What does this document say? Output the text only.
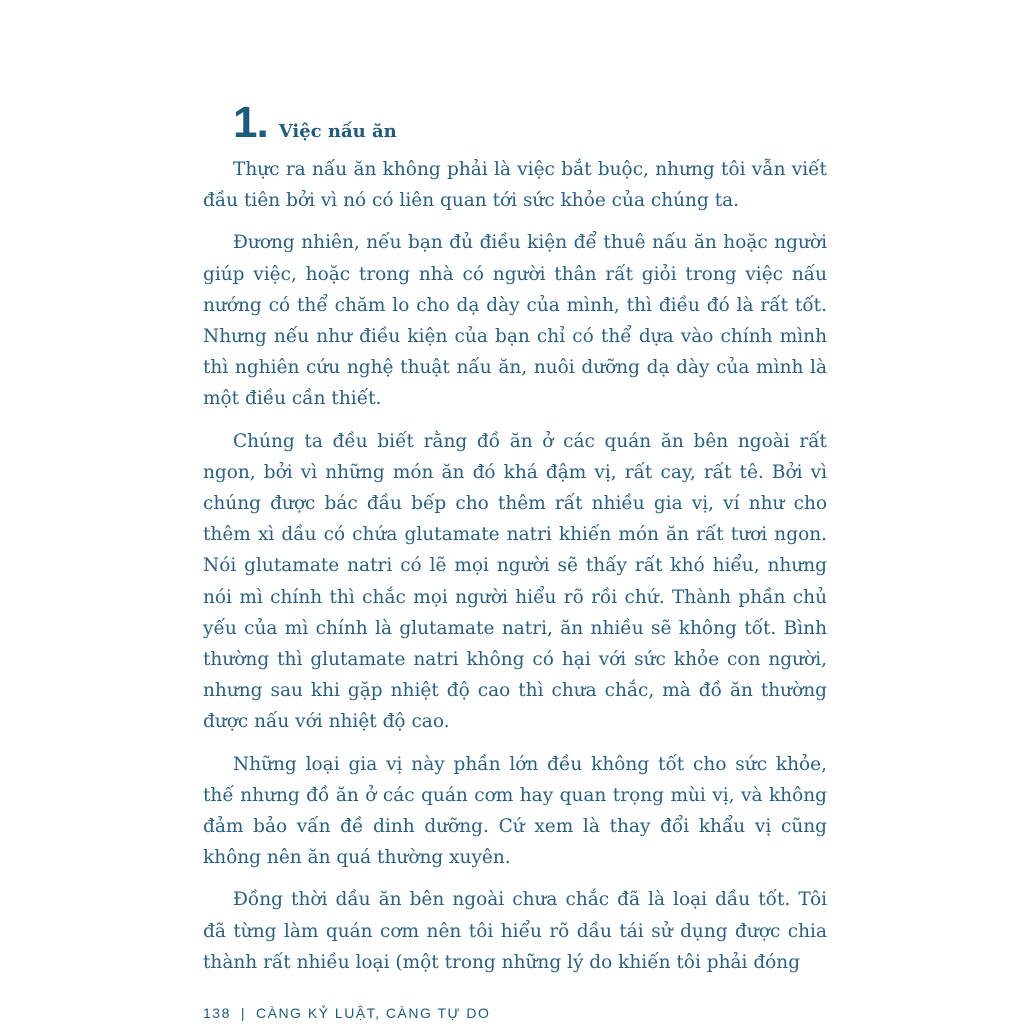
1 . Việc nấu ăn

Thực ra nấu ăn không phải là việc bắt buộc, nhưng tôi vẫn viết đầu tiên bởi vì nó có liên quan tới sức khỏe của chúng ta.

Đương nhiên, nếu bạn đủ điều kiện để thuê nấu ăn hoặc người giúp việc, hoặc trong nhà có người thân rất giỏi trong việc nấu nướng có thể chăm lo cho dạ dày của mình, thì điều đó là rất tốt. Nhưng nếu như điều kiện của bạn chỉ có thể dựa vào chính mình thì nghiên cứu nghệ thuật nấu ăn, nuôi dưỡng dạ dày của mình là một điều cần thiết.

Chúng ta đều biết rằng đồ ăn ở các quán ăn bên ngoài rất ngon, bởi vì những món ăn đó khá đậm vị, rất cay, rất tê. Bởi vì chúng được bác đầu bếp cho thêm rất nhiều gia vị, ví như cho thêm xì dầu có chứa glutamate natri khiến món ăn rất tươi ngon. Nói glutamate natri có lẽ mọi người sẽ thấy rất khó hiểu, nhưng nói mì chính thì chắc mọi người hiểu rõ rồi chứ. Thành phần chủ yếu của mì chính là glutamate natri, ăn nhiều sẽ không tốt. Bình thường thì glutamate natri không có hại với sức khỏe con người, nhưng sau khi gặp nhiệt độ cao thì chưa chắc, mà đồ ăn thường được nấu với nhiệt độ cao.

Những loại gia vị này phần lớn đều không tốt cho sức khỏe, thế nhưng đồ ăn ở các quán cơm hay quan trọng mùi vị, và không đảm bảo vấn đề dinh dưỡng. Cứ xem là thay đổi khẩu vị cũng không nên ăn quá thường xuyên.

Đồng thời dầu ăn bên ngoài chưa chắc đã là loại dầu tốt. Tôi đã từng làm quán cơm nên tôi hiểu rõ dầu tái sử dụng được chia thành rất nhiều loại (một trong những lý do khiến tôi phải đóng

138 | CÀNG KỶ LUẬT, CÀNG TỰ DO
